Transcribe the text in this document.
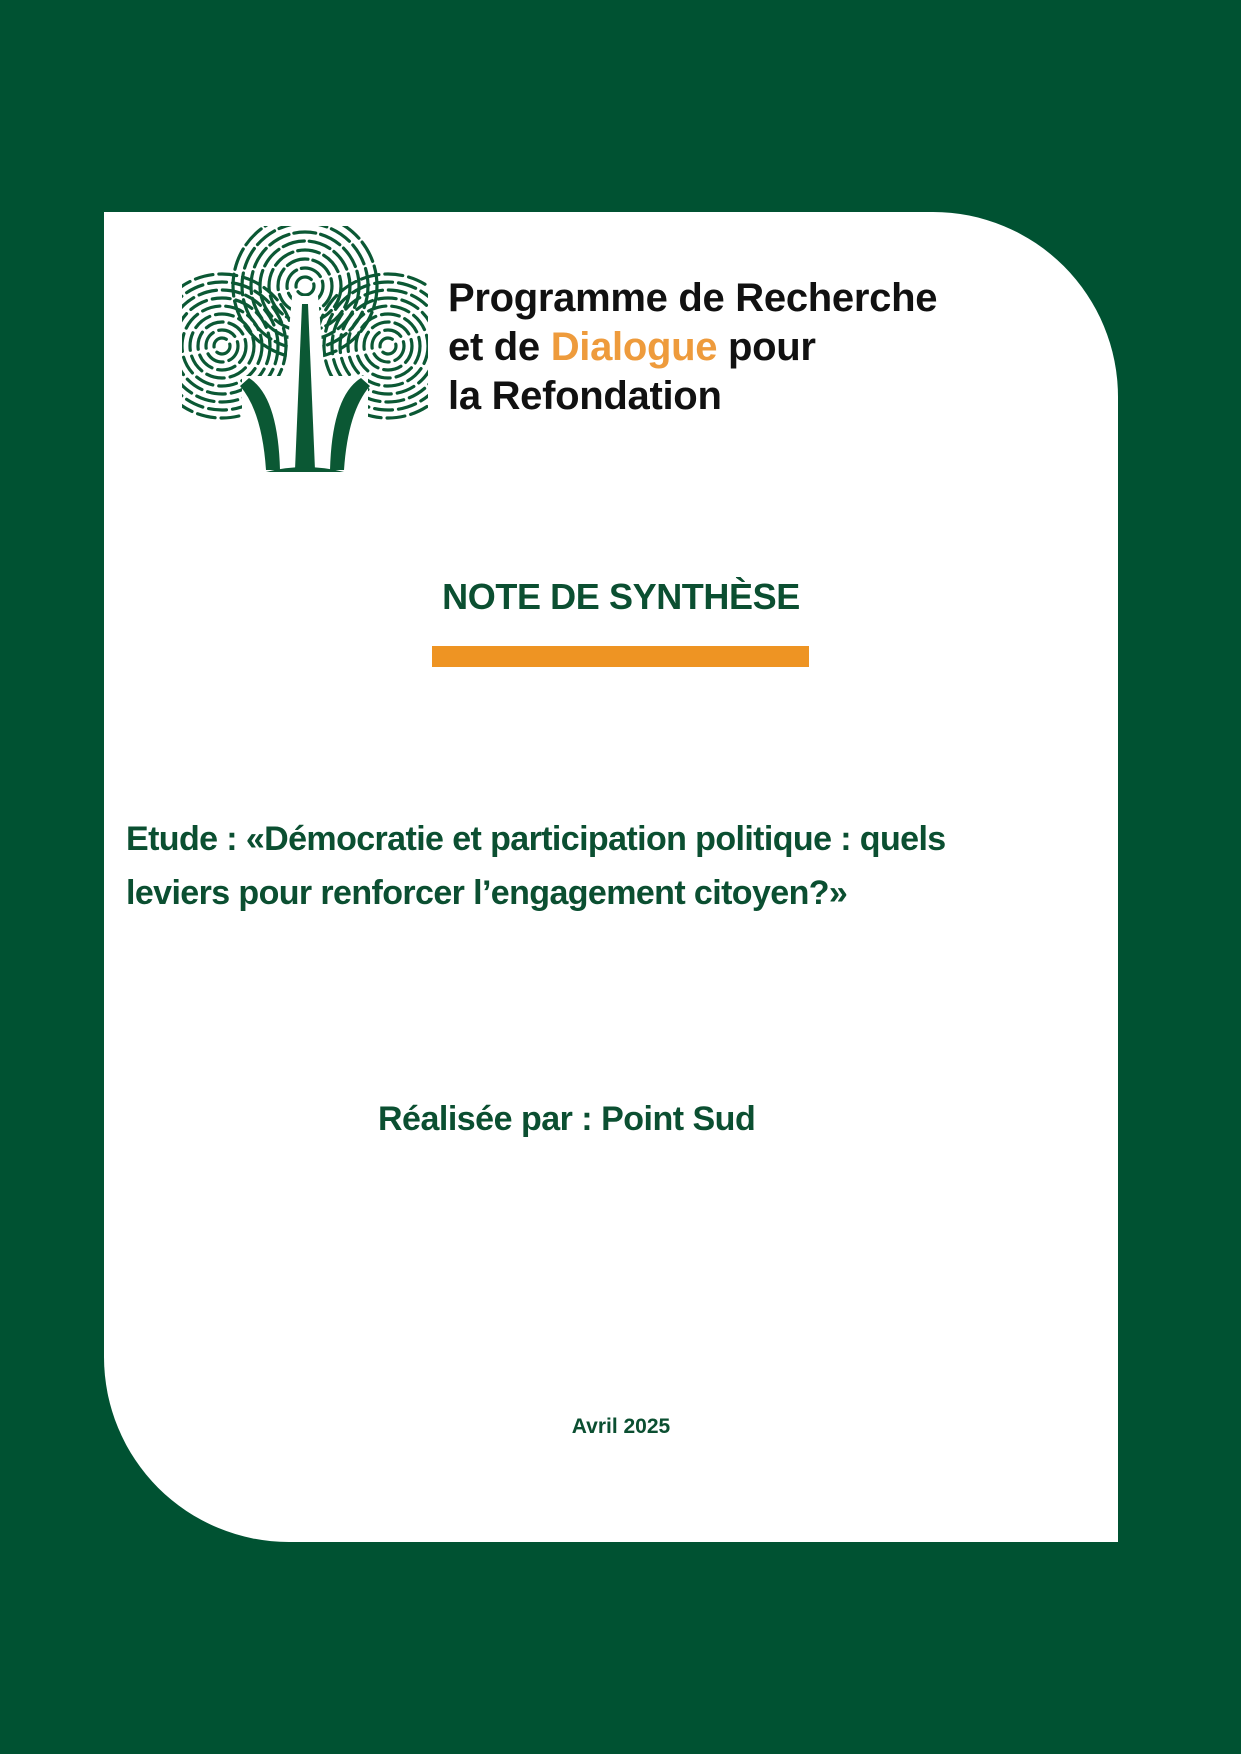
Programme de Recherche
et de Dialogue pour
la Refondation
NOTE DE SYNTHÈSE
Etude : «Démocratie et participation politique : quels
leviers pour renforcer l’engagement citoyen?»
Réalisée par : Point Sud
Avril 2025
